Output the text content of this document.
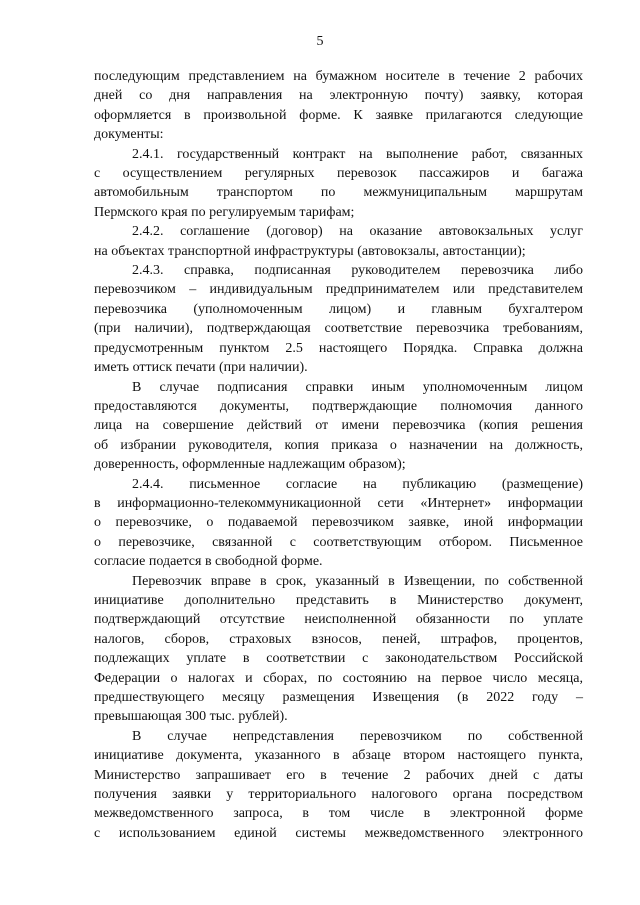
5

последующим представлением на бумажном носителе в течение 2 рабочих
дней со дня направления на электронную почту) заявку, которая
оформляется в произвольной форме. К заявке прилагаются следующие
документы:

2.4.1. государственный контракт на выполнение работ, связанных
с осуществлением регулярных перевозок пассажиров и багажа
автомобильным транспортом по межмуниципальным маршрутам
Пермского края по регулируемым тарифам;

2.4.2. соглашение (договор) на оказание автовокзальных услуг
на объектах транспортной инфраструктуры (автовокзалы, автостанции);

2.4.3. справка, подписанная руководителем перевозчика либо
перевозчиком – индивидуальным предпринимателем или представителем
перевозчика (уполномоченным лицом) и главным бухгалтером
(при наличии), подтверждающая соответствие перевозчика требованиям,
предусмотренным пунктом 2.5 настоящего Порядка. Справка должна
иметь оттиск печати (при наличии).

В случае подписания справки иным уполномоченным лицом
предоставляются документы, подтверждающие полномочия данного
лица на совершение действий от имени перевозчика (копия решения
об избрании руководителя, копия приказа о назначении на должность,
доверенность, оформленные надлежащим образом);

2.4.4. письменное согласие на публикацию (размещение)
в информационно-телекоммуникационной сети «Интернет» информации
о перевозчике, о подаваемой перевозчиком заявке, иной информации
о перевозчике, связанной с соответствующим отбором. Письменное
согласие подается в свободной форме.

Перевозчик вправе в срок, указанный в Извещении, по собственной
инициативе дополнительно представить в Министерство документ,
подтверждающий отсутствие неисполненной обязанности по уплате
налогов, сборов, страховых взносов, пеней, штрафов, процентов,
подлежащих уплате в соответствии с законодательством Российской
Федерации о налогах и сборах, по состоянию на первое число месяца,
предшествующего месяцу размещения Извещения (в 2022 году –
превышающая 300 тыс. рублей).

В случае непредставления перевозчиком по собственной
инициативе документа, указанного в абзаце втором настоящего пункта,
Министерство запрашивает его в течение 2 рабочих дней с даты
получения заявки у территориального налогового органа посредством
межведомственного запроса, в том числе в электронной форме
с использованием единой системы межведомственного электронного
